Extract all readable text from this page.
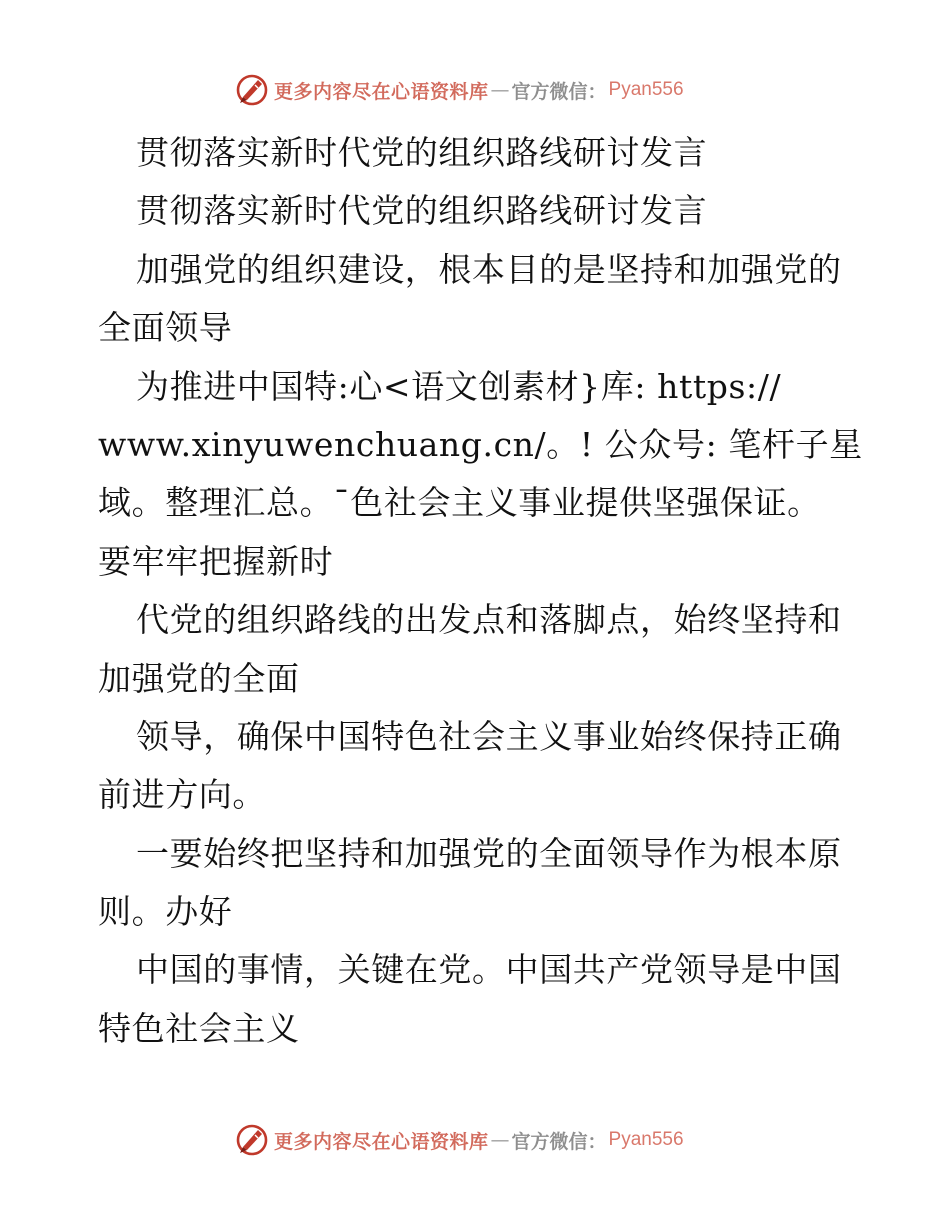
更多内容尽在心语资料库 — 官方微信： Pyan556
贯彻落实新时代党的组织路线研讨发言
贯彻落实新时代党的组织路线研讨发言
加强党的组织建设，根本目的是坚持和加强党的
全面领导
为推进中国特:心<语文创素材}库: https://
www.xinyuwenchuang.cn/。! 公众号: 笔杆子星
域。整理汇总。¯色社会主义事业提供坚强保证。
要牢牢把握新时
代党的组织路线的出发点和落脚点，始终坚持和
加强党的全面
领导，确保中国特色社会主义事业始终保持正确
前进方向。
一要始终把坚持和加强党的全面领导作为根本原
则。办好
中国的事情，关键在党。中国共产党领导是中国
特色社会主义
更多内容尽在心语资料库 — 官方微信： Pyan556
